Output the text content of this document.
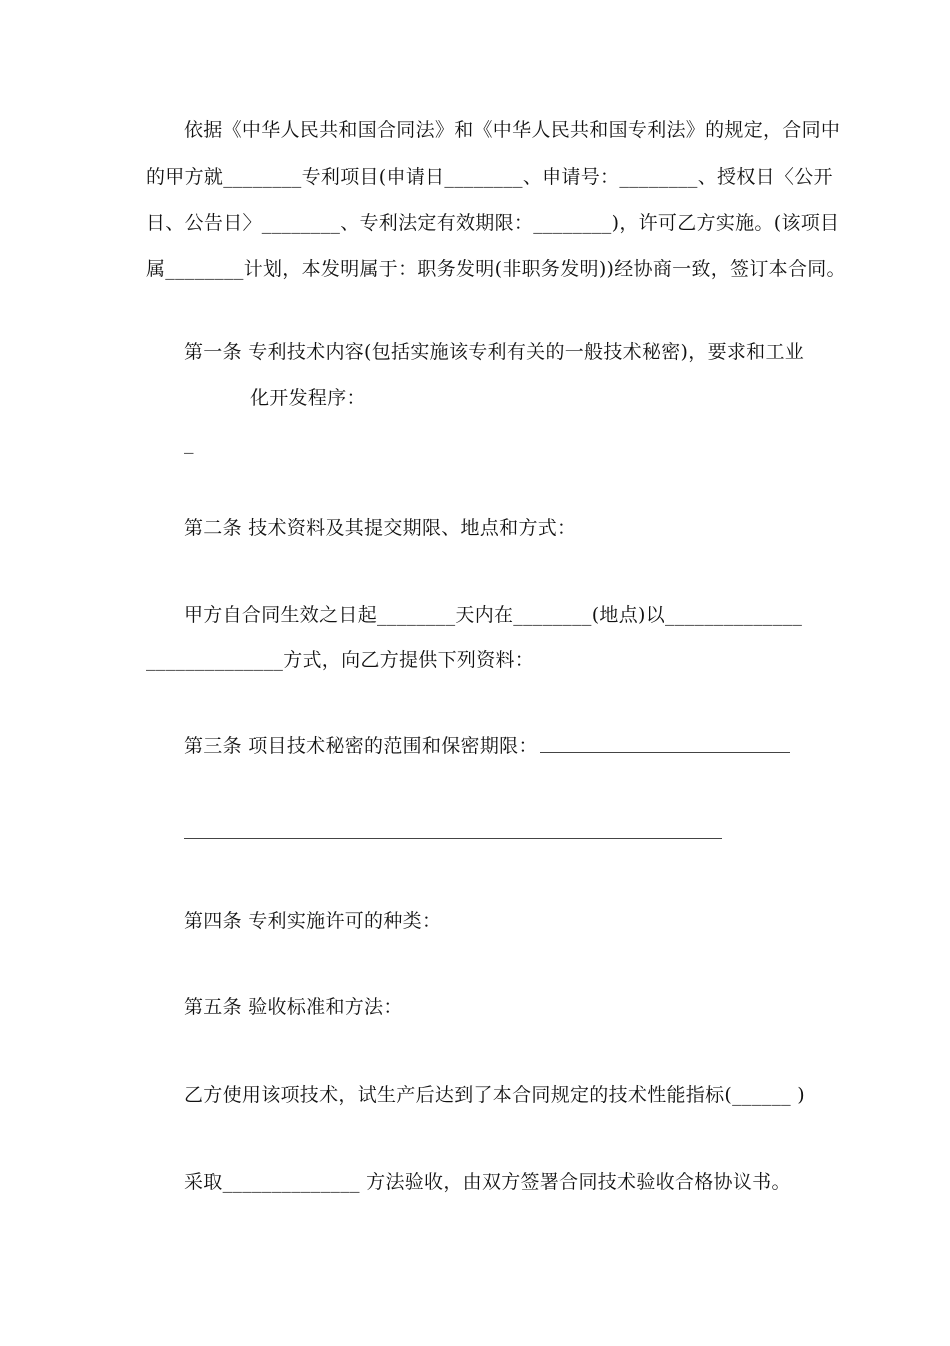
依据《中华人民共和国合同法》和《中华人民共和国专利法》的规定，合同中
的甲方就________专利项目(申请日________、申请号：________、授权日〈公开
日、公告日〉________、专利法定有效期限：________)，许可乙方实施。(该项目
属________计划，本发明属于：职务发明(非职务发明))经协商一致，签订本合同。
第一条 专利技术内容(包括实施该专利有关的一般技术秘密)，要求和工业
化开发程序：
_
第二条 技术资料及其提交期限、地点和方式：
甲方自合同生效之日起________天内在________(地点)以______________
______________方式，向乙方提供下列资料：
第三条 项目技术秘密的范围和保密期限：
第四条 专利实施许可的种类：
第五条 验收标准和方法：
乙方使用该项技术，试生产后达到了本合同规定的技术性能指标(______ )
采取______________ 方法验收，由双方签署合同技术验收合格协议书。
